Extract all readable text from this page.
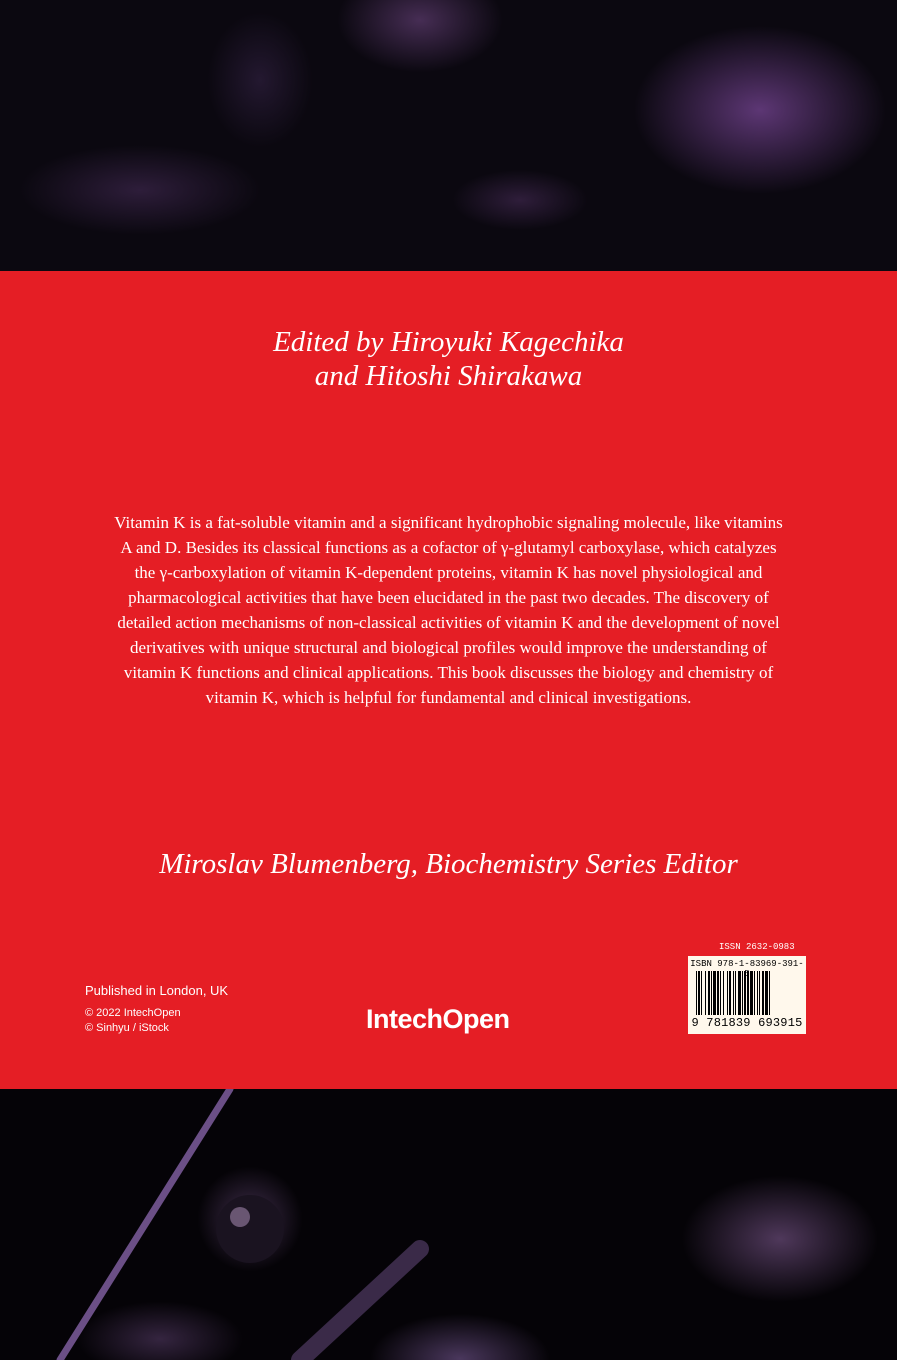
Edited by Hiroyuki Kagechika
and Hitoshi Shirakawa
Vitamin K is a fat-soluble vitamin and a significant hydrophobic signaling molecule, like vitamins A and D. Besides its classical functions as a cofactor of γ-glutamyl carboxylase, which catalyzes the γ-carboxylation of vitamin K-dependent proteins, vitamin K has novel physiological and pharmacological activities that have been elucidated in the past two decades. The discovery of detailed action mechanisms of non-classical activities of vitamin K and the development of novel derivatives with unique structural and biological profiles would improve the understanding of vitamin K functions and clinical applications. This book discusses the biology and chemistry of vitamin K, which is helpful for fundamental and clinical investigations.
Miroslav Blumenberg, Biochemistry Series Editor
Published in London, UK
© 2022 IntechOpen
© Sinhyu / iStock	IntechOpen
ISSN 2632-0983
ISBN 978-1-83969-391-
9 781839 693915
